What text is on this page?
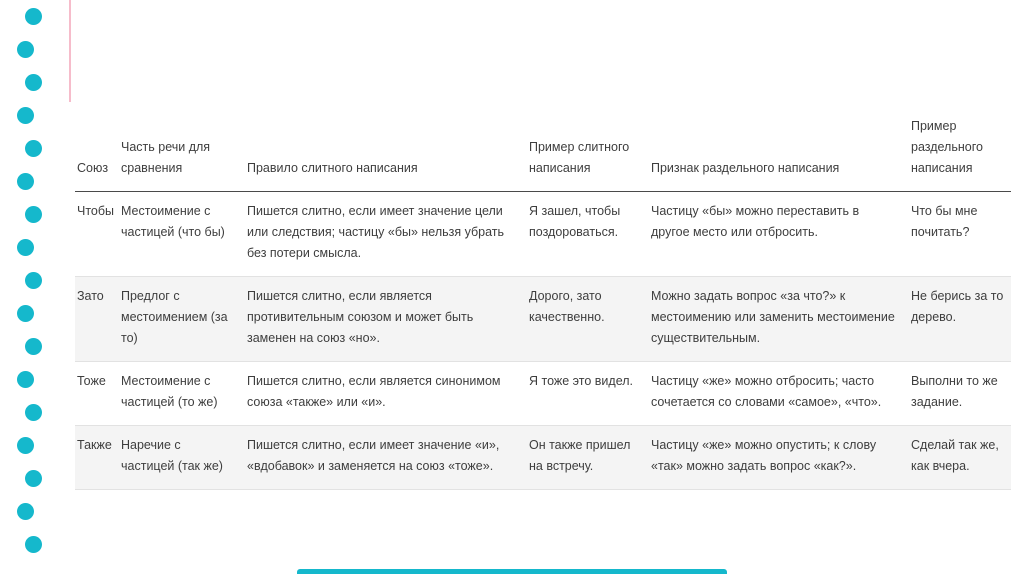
Союз	Часть речи для сравнения	Правило слитного написания	Пример слитного написания	Признак раздельного написания	Пример раздельного написания
Чтобы	Местоимение с частицей (что бы)	Пишется слитно, если имеет значение цели или следствия; частицу «бы» нельзя убрать без потери смысла.	Я зашел, чтобы поздороваться.	Частицу «бы» можно переставить в другое место или отбросить.	Что бы мне почитать?
Зато	Предлог с местоимением (за то)	Пишется слитно, если является противительным союзом и может быть заменен на союз «но».	Дорого, зато качественно.	Можно задать вопрос «за что?» к местоимению или заменить местоимение существительным.	Не берись за то дерево.
Тоже	Местоимение с частицей (то же)	Пишется слитно, если является синонимом союза «также» или «и».	Я тоже это видел.	Частицу «же» можно отбросить; часто сочетается со словами «самое», «что».	Выполни то же задание.
Также	Наречие с частицей (так же)	Пишется слитно, если имеет значение «и», «вдобавок» и заменяется на союз «тоже».	Он также пришел на встречу.	Частицу «же» можно опустить; к слову «так» можно задать вопрос «как?».	Сделай так же, как вчера.
